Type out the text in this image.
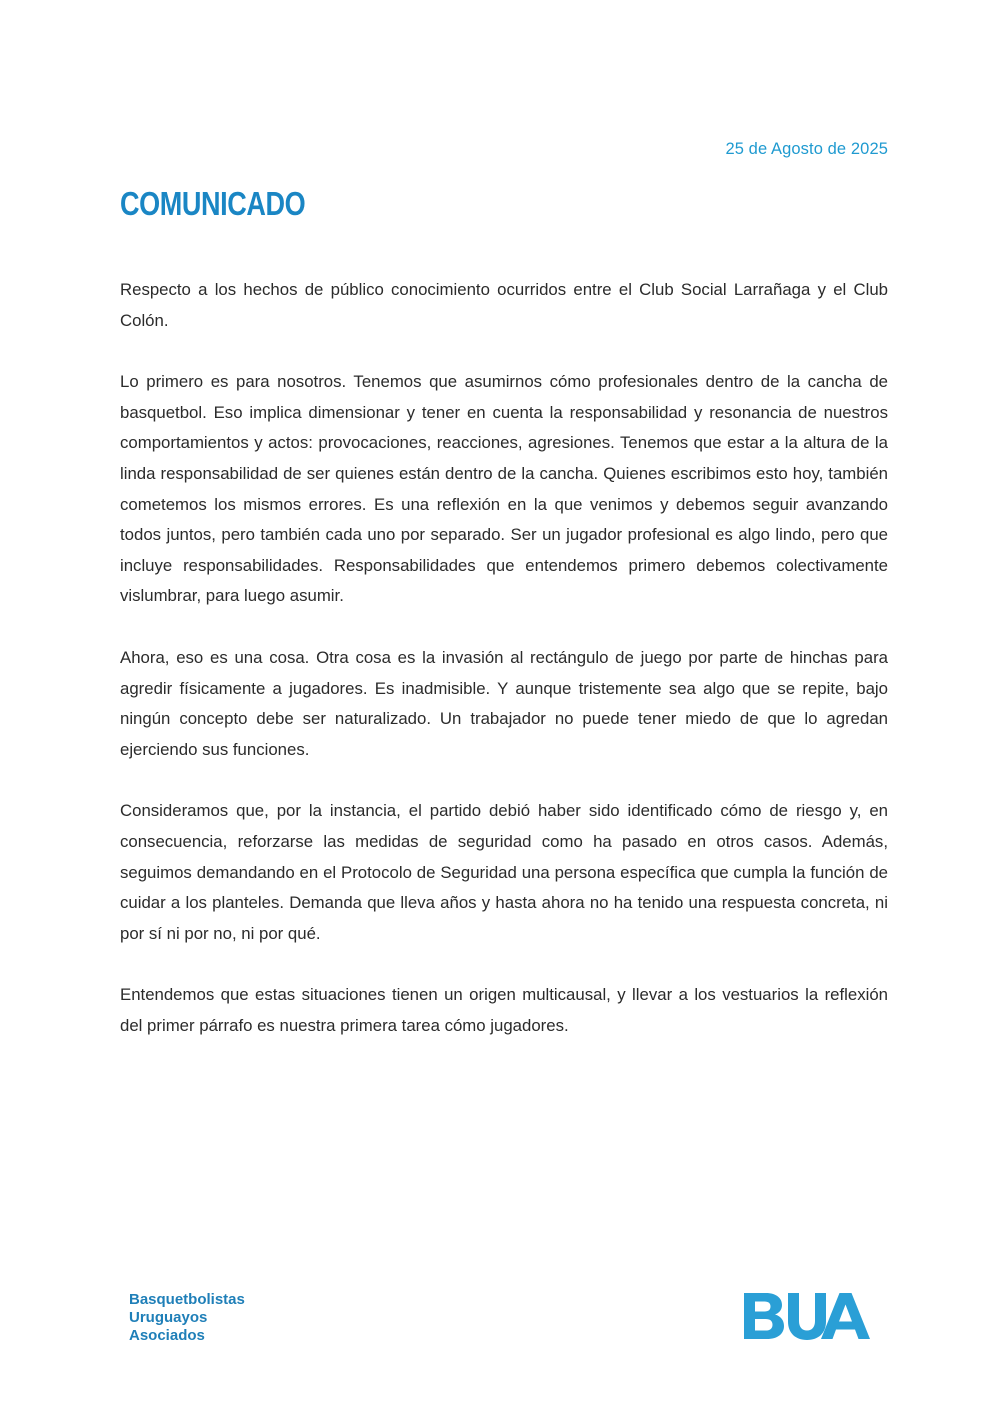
25 de Agosto de 2025
COMUNICADO

Respecto a los hechos de público conocimiento ocurridos entre el Club Social Larrañaga y el Club Colón.

Lo primero es para nosotros. Tenemos que asumirnos cómo profesionales dentro de la cancha de basquetbol. Eso implica dimensionar y tener en cuenta la responsabilidad y resonancia de nuestros comportamientos y actos: provocaciones, reacciones, agresiones. Tenemos que estar a la altura de la linda responsabilidad de ser quienes están dentro de la cancha. Quienes escribimos esto hoy, también cometemos los mismos errores. Es una reflexión en la que venimos y debemos seguir avanzando todos juntos, pero también cada uno por separado. Ser un jugador profesional es algo lindo, pero que incluye responsabilidades. Responsabilidades que entendemos primero debemos colectivamente vislumbrar, para luego asumir.

Ahora, eso es una cosa. Otra cosa es la invasión al rectángulo de juego por parte de hinchas para agredir físicamente a jugadores. Es inadmisible. Y aunque tristemente sea algo que se repite, bajo ningún concepto debe ser naturalizado. Un trabajador no puede tener miedo de que lo agredan ejerciendo sus funciones.

Consideramos que, por la instancia, el partido debió haber sido identificado cómo de riesgo y, en consecuencia, reforzarse las medidas de seguridad como ha pasado en otros casos. Además, seguimos demandando en el Protocolo de Seguridad una persona específica que cumpla la función de cuidar a los planteles. Demanda que lleva años y hasta ahora no ha tenido una respuesta concreta, ni por sí ni por no, ni por qué.

Entendemos que estas situaciones tienen un origen multicausal, y llevar a los vestuarios la reflexión del primer párrafo es nuestra primera tarea cómo jugadores.

Basquetbolistas
Uruguayos
Asociados
